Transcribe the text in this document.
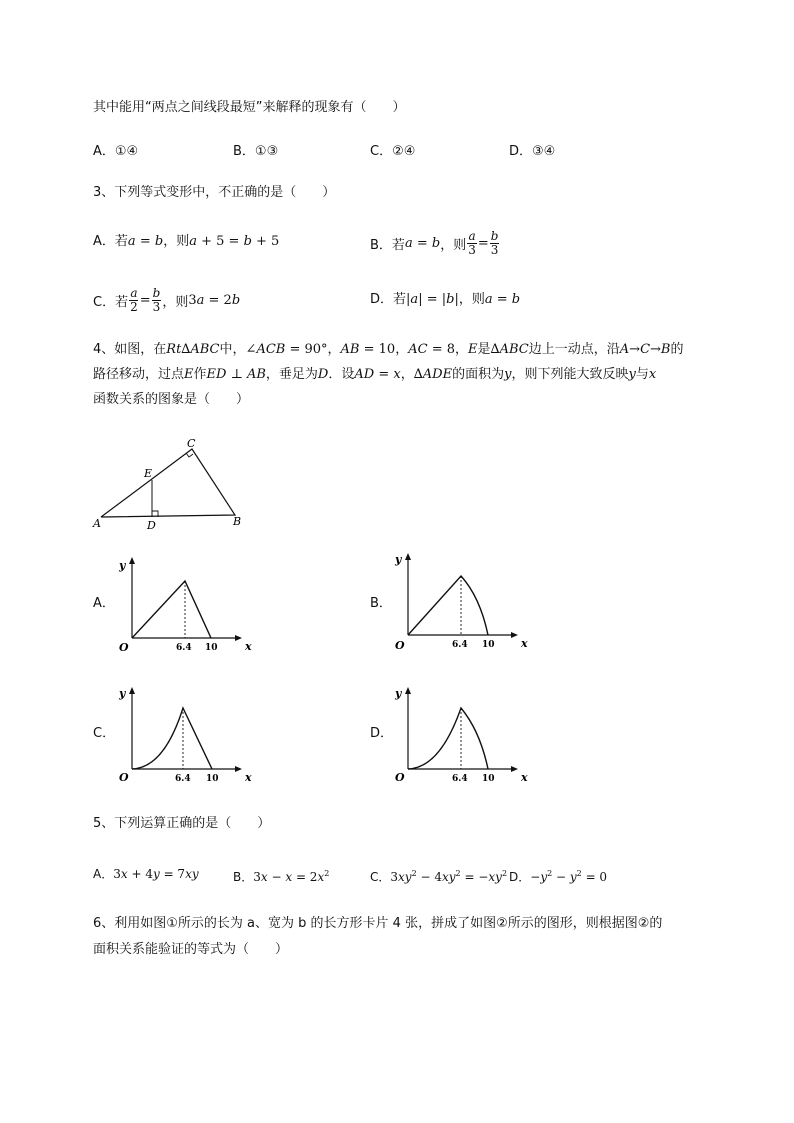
其中能用“两点之间线段最短”来解释的现象有（　　）
A．①④	B．①③	C．②④	D．③④
3、下列等式变形中，不正确的是（　　）
A．若a = b，则a + 5 = b + 5	B． 若 a = b ，则 $\frac{a}{3} = \frac{b}{3}$
C． 若 $\frac{a}{2} = \frac{b}{3}$ ，则 3 a = 2 b	D．若|a| = |b|，则a = b
4、如图，在Rt∆ABC中，∠ACB = 90°，AB = 10，AC = 8，E是∆ABC边上一动点，沿A→C→B的
路径移动，过点E作ED ⊥ AB，垂足为D．设AD = x，∆ADE的面积为y，则下列能大致反映y与x
函数关系的图象是（　　）
A	D	B
C
E
A．	B．
C．	D．
y
x
O	6.4 10
y
x
O	6.4 10
y
x
O	6.4 10
y
x
O	6.4 10
5、下列运算正确的是（　　）
A．3x + 4y = 7xy	B．$3x - x = 2x^2$	C．$3xy^2 - 4xy^2 = -xy^2$ D．$-y^2 - y^2 = 0$
6、利用如图①所示的长为 a、宽为 b 的长方形卡片 4 张，拼成了如图②所示的图形，则根据图②的
面积关系能验证的等式为（　　）
